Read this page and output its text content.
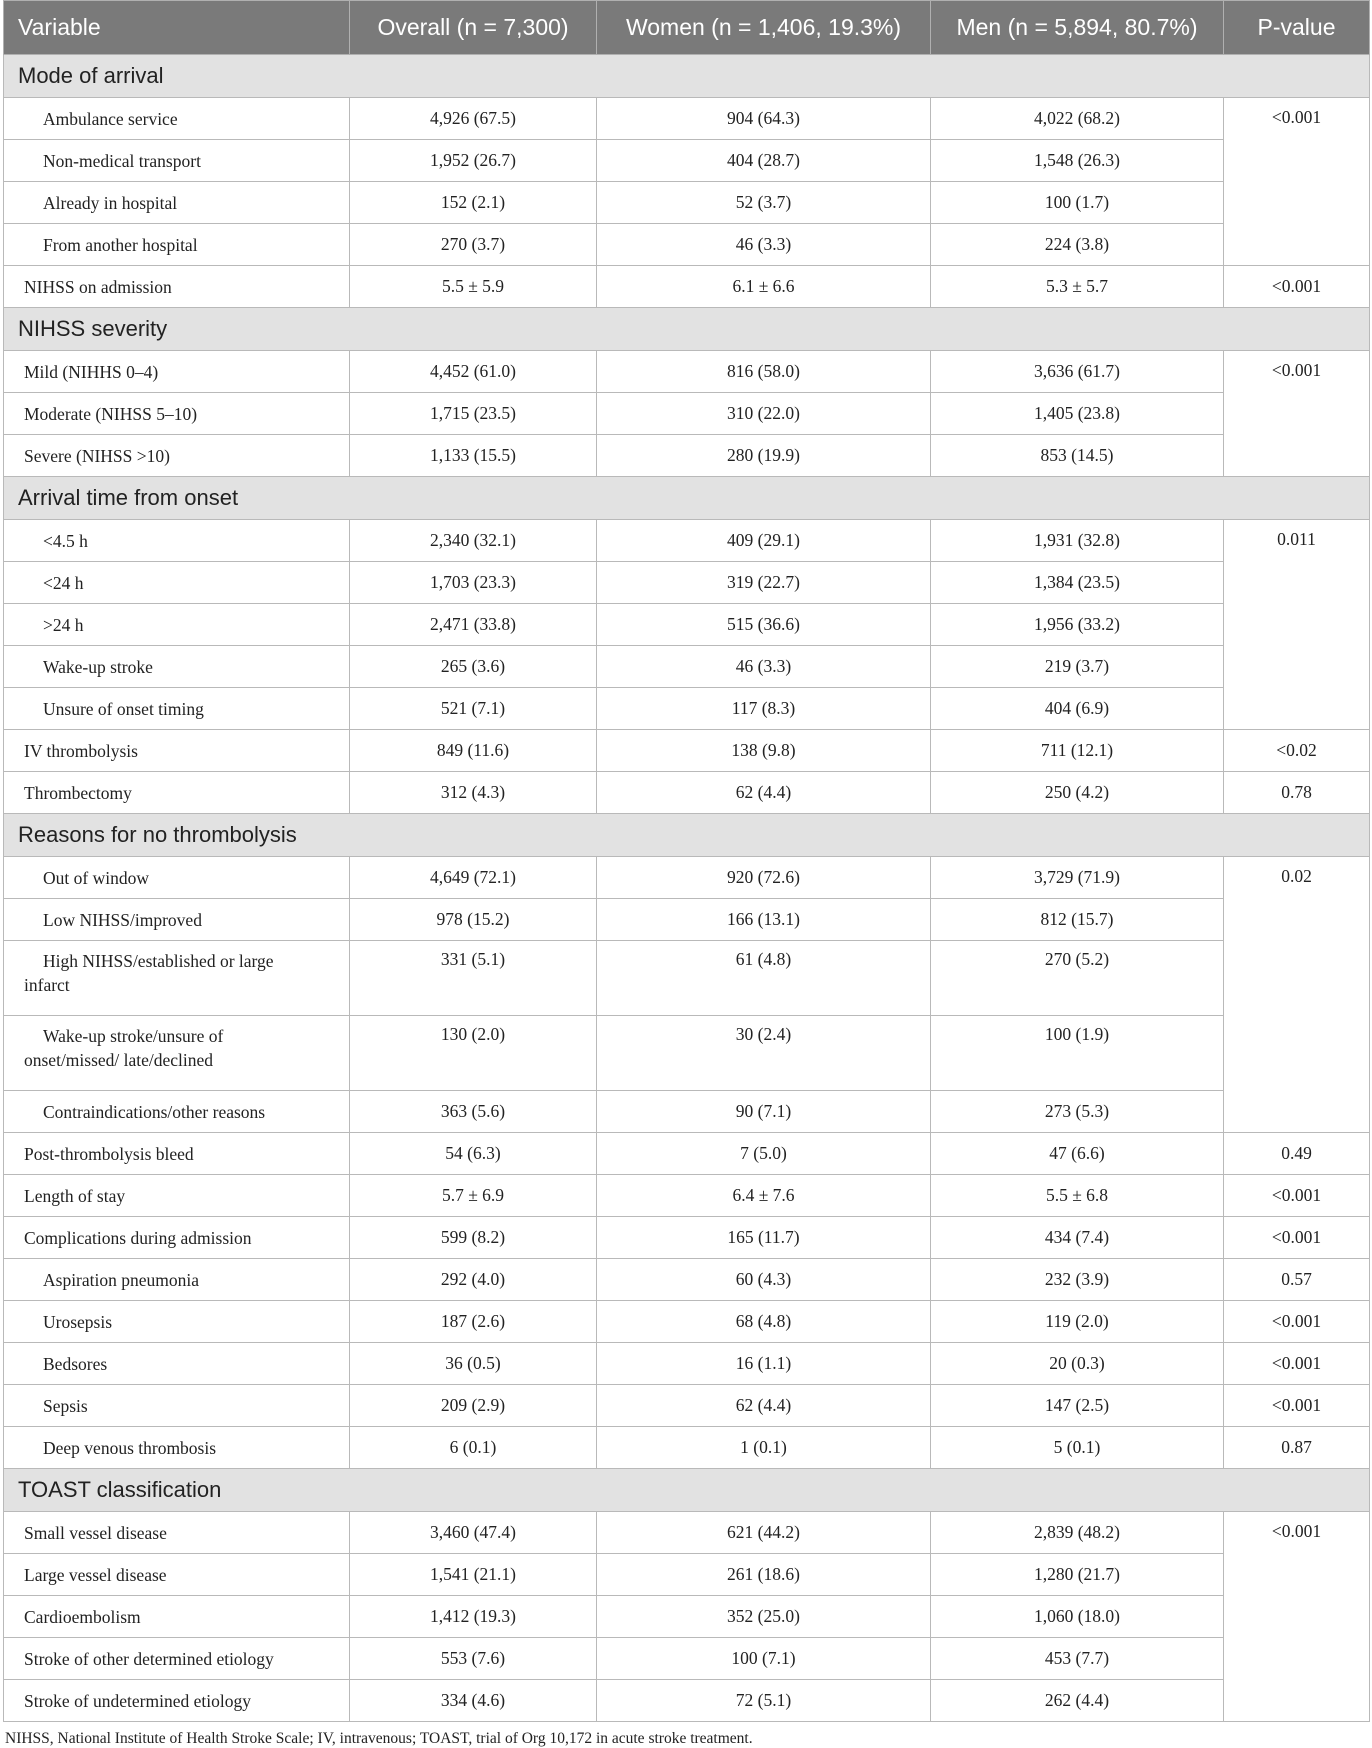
Variable	Overall (n = 7,300)	Women (n = 1,406, 19.3%)	Men (n = 5,894, 80.7%)	P-value
Mode of arrival				
Ambulance service	4,926 (67.5)	904 (64.3)	4,022 (68.2)	<0.001
Non-medical transport	1,952 (26.7)	404 (28.7)	1,548 (26.3)	
Already in hospital	152 (2.1)	52 (3.7)	100 (1.7)	
From another hospital	270 (3.7)	46 (3.3)	224 (3.8)	
NIHSS on admission	5.5 ± 5.9	6.1 ± 6.6	5.3 ± 5.7	<0.001
NIHSS severity				
Mild (NIHHS 0–4)	4,452 (61.0)	816 (58.0)	3,636 (61.7)	<0.001
Moderate (NIHSS 5–10)	1,715 (23.5)	310 (22.0)	1,405 (23.8)	
Severe (NIHSS >10)	1,133 (15.5)	280 (19.9)	853 (14.5)	
Arrival time from onset				
<4.5 h	2,340 (32.1)	409 (29.1)	1,931 (32.8)	0.011
<24 h	1,703 (23.3)	319 (22.7)	1,384 (23.5)	
>24 h	2,471 (33.8)	515 (36.6)	1,956 (33.2)	
Wake-up stroke	265 (3.6)	46 (3.3)	219 (3.7)	
Unsure of onset timing	521 (7.1)	117 (8.3)	404 (6.9)	
IV thrombolysis	849 (11.6)	138 (9.8)	711 (12.1)	<0.02
Thrombectomy	312 (4.3)	62 (4.4)	250 (4.2)	0.78
Reasons for no thrombolysis				
Out of window	4,649 (72.1)	920 (72.6)	3,729 (71.9)	0.02
Low NIHSS/improved	978 (15.2)	166 (13.1)	812 (15.7)	
High NIHSS/established or large
infarct	331 (5.1)	61 (4.8)	270 (5.2)	
Wake-up stroke/unsure of
onset/missed/ late/declined	130 (2.0)	30 (2.4)	100 (1.9)	
Contraindications/other reasons	363 (5.6)	90 (7.1)	273 (5.3)	
Post-thrombolysis bleed	54 (6.3)	7 (5.0)	47 (6.6)	0.49
Length of stay	5.7 ± 6.9	6.4 ± 7.6	5.5 ± 6.8	<0.001
Complications during admission	599 (8.2)	165 (11.7)	434 (7.4)	<0.001
Aspiration pneumonia	292 (4.0)	60 (4.3)	232 (3.9)	0.57
Urosepsis	187 (2.6)	68 (4.8)	119 (2.0)	<0.001
Bedsores	36 (0.5)	16 (1.1)	20 (0.3)	<0.001
Sepsis	209 (2.9)	62 (4.4)	147 (2.5)	<0.001
Deep venous thrombosis	6 (0.1)	1 (0.1)	5 (0.1)	0.87
TOAST classification				
Small vessel disease	3,460 (47.4)	621 (44.2)	2,839 (48.2)	<0.001
Large vessel disease	1,541 (21.1)	261 (18.6)	1,280 (21.7)	
Cardioembolism	1,412 (19.3)	352 (25.0)	1,060 (18.0)	
Stroke of other determined etiology	553 (7.6)	100 (7.1)	453 (7.7)	
Stroke of undetermined etiology	334 (4.6)	72 (5.1)	262 (4.4)	
NIHSS, National Institute of Health Stroke Scale; IV, intravenous; TOAST, trial of Org 10,172 in acute stroke treatment.
